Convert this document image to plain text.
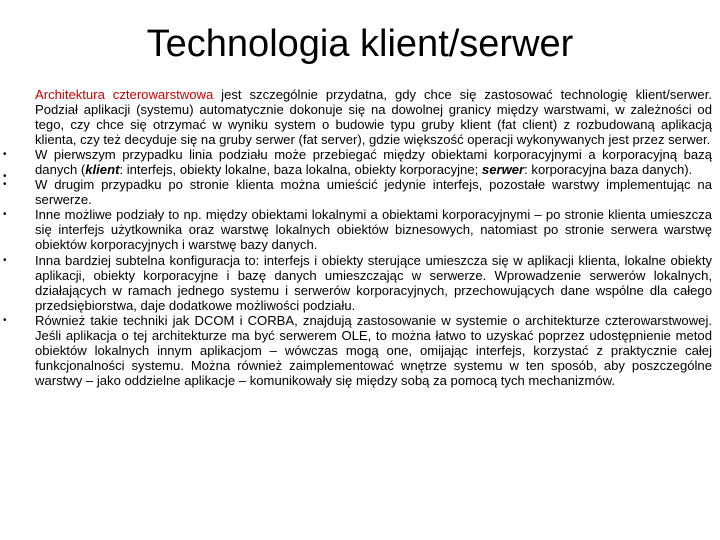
Technologia klient/serwer
•
Architektura czterowarstwowa jest szczególnie przydatna, gdy chce się zastosować technologię klient/serwer. Podział aplikacji (systemu) automatycznie dokonuje się na dowolnej granicy między warstwami, w zależności od tego, czy chce się otrzymać w wyniku system o budowie typu gruby klient (fat client) z rozbudowaną aplikacją klienta, czy też decyduje się na gruby serwer (fat server), gdzie większość operacji wykonywanych jest przez serwer.
• W pierwszym przypadku linia podziału może przebiegać między obiektami korporacyjnymi a korporacyjną bazą danych (klient: interfejs, obiekty lokalne, baza lokalna, obiekty korporacyjne; serwer: korporacyjna baza danych).
• W drugim przypadku po stronie klienta można umieścić jedynie interfejs, pozostałe warstwy implementując na serwerze.
• Inne możliwe podziały to np. między obiektami lokalnymi a obiektami korporacyjnymi – po stronie klienta umieszcza się interfejs użytkownika oraz warstwę lokalnych obiektów biznesowych, natomiast po stronie serwera warstwę obiektów korporacyjnych i warstwę bazy danych.
• Inna bardziej subtelna konfiguracja to: interfejs i obiekty sterujące umieszcza się w aplikacji klienta, lokalne obiekty aplikacji, obiekty korporacyjne i bazę danych umieszczając w serwerze. Wprowadzenie serwerów lokalnych, działających w ramach jednego systemu i serwerów korporacyjnych, przechowujących dane wspólne dla całego przedsiębiorstwa, daje dodatkowe możliwości podziału.
• Również takie techniki jak DCOM i CORBA, znajdują zastosowanie w systemie o architekturze czterowarstwowej. Jeśli aplikacja o tej architekturze ma być serwerem OLE, to można łatwo to uzyskać poprzez udostępnienie metod obiektów lokalnych innym aplikacjom – wówczas mogą one, omijając interfejs, korzystać z praktycznie całej funkcjonalności systemu. Można również zaimplementować wnętrze systemu w ten sposób, aby poszczególne warstwy – jako oddzielne aplikacje – komunikowały się między sobą za pomocą tych mechanizmów.
